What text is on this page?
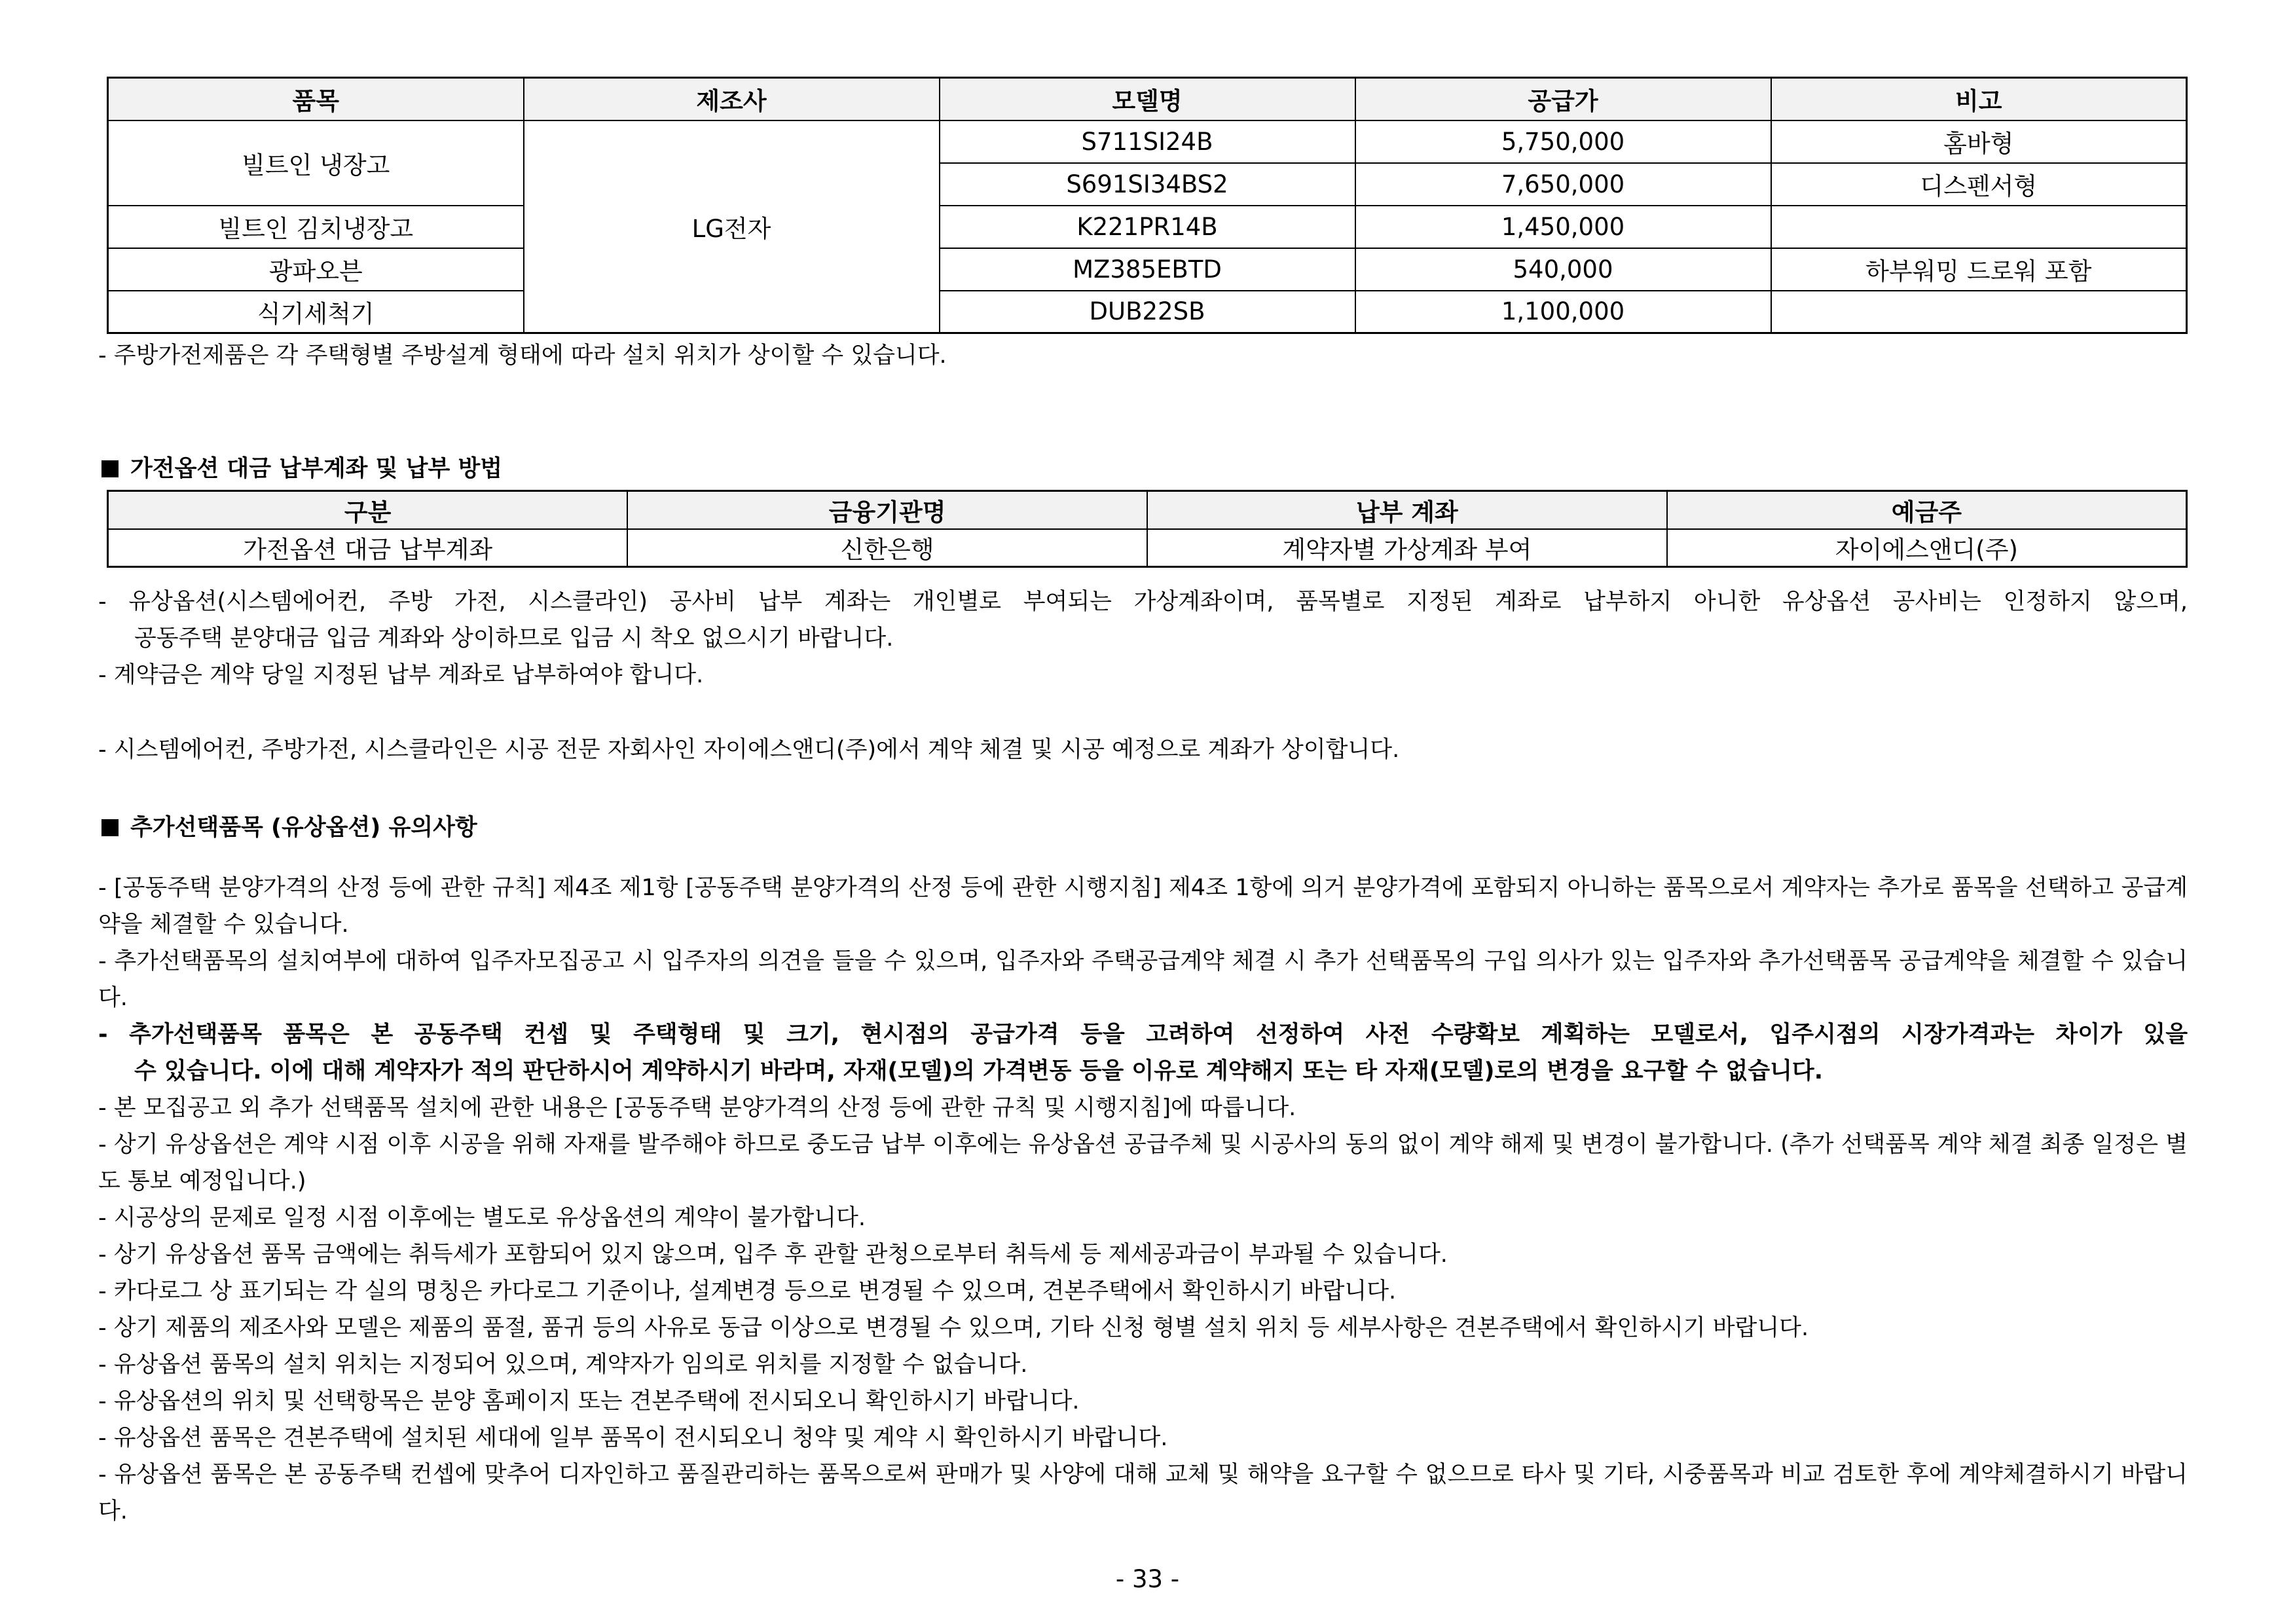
품목	제조사	모델명	공급가	비고
빌트인 냉장고	LG전자	S711SI24B	5,750,000	홈바형
		S691SI34BS2	7,650,000	디스펜서형
빌트인 김치냉장고		K221PR14B	1,450,000	
광파오븐		MZ385EBTD	540,000	하부워밍 드로워 포함
식기세척기		DUB22SB	1,100,000	
- 주방가전제품은 각 주택형별 주방설계 형태에 따라 설치 위치가 상이할 수 있습니다.
가전옵션 대금 납부계좌 및 납부 방법
구분	금융기관명	납부 계좌	예금주
가전옵션 대금 납부계좌	신한은행	계약자별 가상계좌 부여	자이에스앤디(주)
- 유상옵션(시스템에어컨, 주방 가전, 시스클라인) 공사비 납부 계좌는 개인별로 부여되는 가상계좌이며, 품목별로 지정된 계좌로 납부하지 아니한 유상옵션 공사비는 인정하지 않으며,
공동주택 분양대금 입금 계좌와 상이하므로 입금 시 착오 없으시기 바랍니다.
- 계약금은 계약 당일 지정된 납부 계좌로 납부하여야 합니다.
- 시스템에어컨, 주방가전, 시스클라인은 시공 전문 자회사인 자이에스앤디(주)에서 계약 체결 및 시공 예정으로 계좌가 상이합니다.
추가선택품목 (유상옵션) 유의사항
- [공동주택 분양가격의 산정 등에 관한 규칙] 제4조 제1항 [공동주택 분양가격의 산정 등에 관한 시행지침] 제4조 1항에 의거 분양가격에 포함되지 아니하는 품목으로서 계약자는 추가로 품목을 선택하고 공급계약을 체결할 수 있습니다.
- 추가선택품목의 설치여부에 대하여 입주자모집공고 시 입주자의 의견을 들을 수 있으며, 입주자와 주택공급계약 체결 시 추가 선택품목의 구입 의사가 있는 입주자와 추가선택품목 공급계약을 체결할 수 있습니다.
- 추가선택품목 품목은 본 공동주택 컨셉 및 주택형태 및 크기, 현시점의 공급가격 등을 고려하여 선정하여 사전 수량확보 계획하는 모델로서, 입주시점의 시장가격과는 차이가 있을
수 있습니다. 이에 대해 계약자가 적의 판단하시어 계약하시기 바라며, 자재(모델)의 가격변동 등을 이유로 계약해지 또는 타 자재(모델)로의 변경을 요구할 수 없습니다.
- 본 모집공고 외 추가 선택품목 설치에 관한 내용은 [공동주택 분양가격의 산정 등에 관한 규칙 및 시행지침]에 따릅니다.
- 상기 유상옵션은 계약 시점 이후 시공을 위해 자재를 발주해야 하므로 중도금 납부 이후에는 유상옵션 공급주체 및 시공사의 동의 없이 계약 해제 및 변경이 불가합니다. (추가 선택품목 계약 체결 최종 일정은 별도 통보 예정입니다.)
- 시공상의 문제로 일정 시점 이후에는 별도로 유상옵션의 계약이 불가합니다.
- 상기 유상옵션 품목 금액에는 취득세가 포함되어 있지 않으며, 입주 후 관할 관청으로부터 취득세 등 제세공과금이 부과될 수 있습니다.
- 카다로그 상 표기되는 각 실의 명칭은 카다로그 기준이나, 설계변경 등으로 변경될 수 있으며, 견본주택에서 확인하시기 바랍니다.
- 상기 제품의 제조사와 모델은 제품의 품절, 품귀 등의 사유로 동급 이상으로 변경될 수 있으며, 기타 신청 형별 설치 위치 등 세부사항은 견본주택에서 확인하시기 바랍니다.
- 유상옵션 품목의 설치 위치는 지정되어 있으며, 계약자가 임의로 위치를 지정할 수 없습니다.
- 유상옵션의 위치 및 선택항목은 분양 홈페이지 또는 견본주택에 전시되오니 확인하시기 바랍니다.
- 유상옵션 품목은 견본주택에 설치된 세대에 일부 품목이 전시되오니 청약 및 계약 시 확인하시기 바랍니다.
- 유상옵션 품목은 본 공동주택 컨셉에 맞추어 디자인하고 품질관리하는 품목으로써 판매가 및 사양에 대해 교체 및 해약을 요구할 수 없으므로 타사 및 기타, 시중품목과 비교 검토한 후에 계약체결하시기 바랍니다.
- 33 -
